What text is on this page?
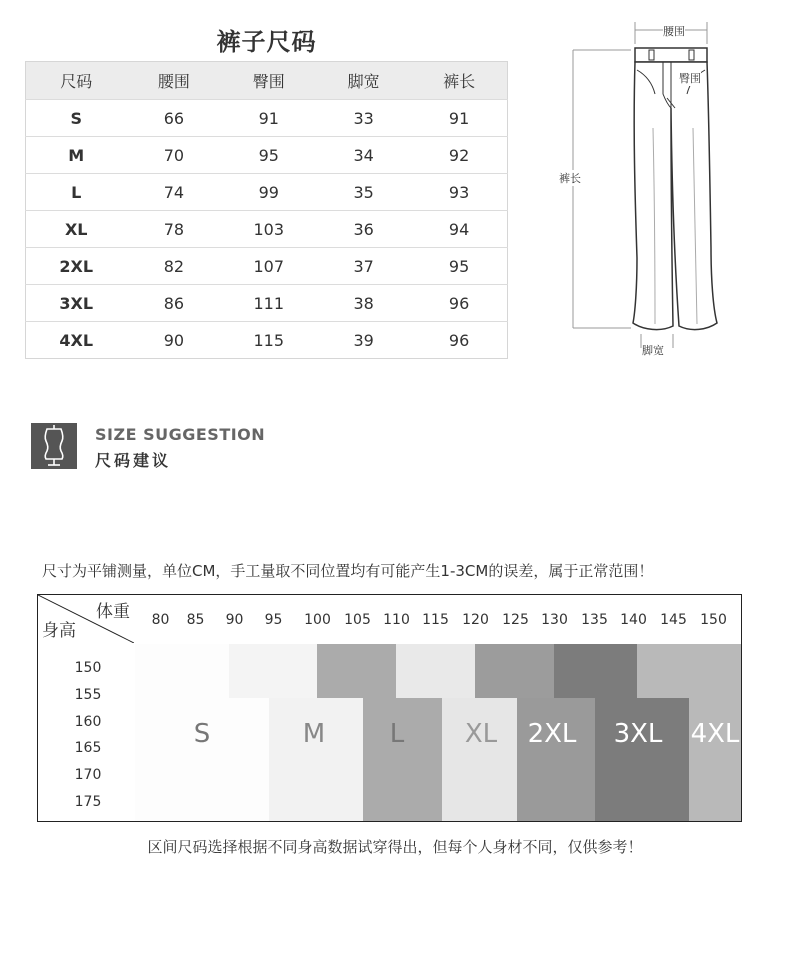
裤子尺码
尺码	腰围	臀围	脚宽	裤长
S	66	91	33	91
M	70	95	34	92
L	74	99	35	93
XL	78	103	36	94
2XL	82	107	37	95
3XL	86	111	38	96
4XL	90	115	39	96
腰围
臀围
裤长
脚宽
SIZE SUGGESTION
尺码建议
尺寸为平铺测量，单位CM，手工量取不同位置均有可能产生1-3CM的误差，属于正常范围！
体重
身高
80	85	90	95	100 105 110 115 120 125 130 135 140 145 150
150
155
160
165
170
175
S	M	L	XL	2XL 3XL 4XL
区间尺码选择根据不同身高数据试穿得出，但每个人身材不同，仅供参考！
